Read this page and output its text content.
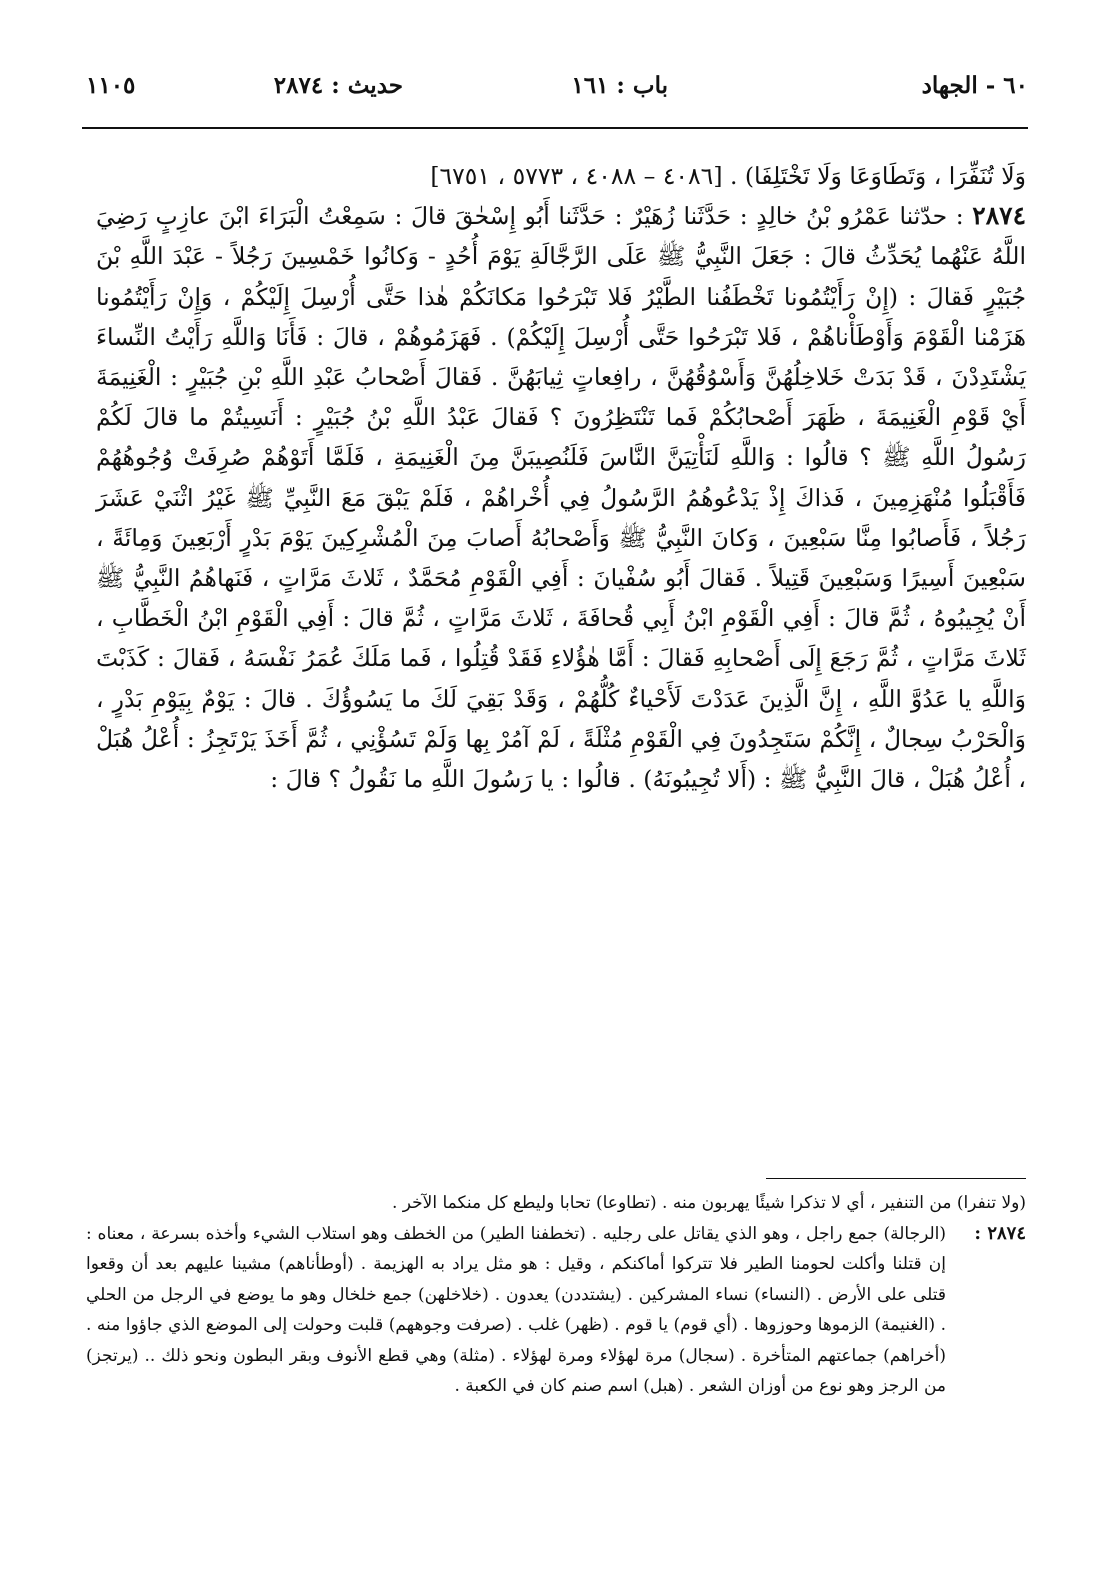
٦٠ - الجهاد
باب : ١٦١
حديث : ٢٨٧٤
١١٠٥

وَلَا تُنَفِّرَا ، وَتَطَاوَعَا وَلَا تَخْتَلِفَا) . [٤٠٨٦ – ٤٠٨٨ ، ٥٧٧٣ ، ٦٧٥١]

٢٨٧٤ : حدّثنا عَمْرُو بْنُ خالِدٍ : حَدَّثَنا زُهَيْرٌ : حَدَّثَنا أَبُو إِسْحٰقَ قالَ : سَمِعْتُ الْبَرَاءَ ابْنَ عازِبٍ رَضِيَ اللَّهُ عَنْهُما يُحَدِّثُ قالَ : جَعَلَ النَّبِيُّ ﷺ عَلَى الرَّجَّالَةِ يَوْمَ أُحُدٍ - وَكانُوا خَمْسِينَ رَجُلاً - عَبْدَ اللَّهِ بْنَ جُبَيْرٍ فَقالَ : (إِنْ رَأَيْتُمُونا تَخْطَفُنا الطَّيْرُ فَلا تَبْرَحُوا مَكانَكُمْ هٰذا حَتَّى أُرْسِلَ إِلَيْكُمْ ، وَإِنْ رَأَيْتُمُونا هَزَمْنا الْقَوْمَ وَأَوْطَأْناهُمْ ، فَلا تَبْرَحُوا حَتَّى أُرْسِلَ إِلَيْكُمْ) . فَهَزَمُوهُمْ ، قالَ : فَأَنَا وَاللَّهِ رَأَيْتُ النِّساءَ يَشْتَدِدْنَ ، قَدْ بَدَتْ خَلاخِلُهُنَّ وَأَسْوُقُهُنَّ ، رافِعاتٍ ثِيابَهُنَّ . فَقالَ أَصْحابُ عَبْدِ اللَّهِ بْنِ جُبَيْرٍ : الْغَنِيمَةَ أَيْ قَوْمِ الْغَنِيمَةَ ، ظَهَرَ أَصْحابُكُمْ فَما تَنْتَظِرُونَ ؟ فَقالَ عَبْدُ اللَّهِ بْنُ جُبَيْرٍ : أَنَسِيتُمْ ما قالَ لَكُمْ رَسُولُ اللَّهِ ﷺ ؟ قالُوا : وَاللَّهِ لَنَأْتِيَنَّ النَّاسَ فَلَنُصِيبَنَّ مِنَ الْغَنِيمَةِ ، فَلَمَّا أَتَوْهُمْ صُرِفَتْ وُجُوهُهُمْ فَأَقْبَلُوا مُنْهَزِمِينَ ، فَذاكَ إِذْ يَدْعُوهُمُ الرَّسُولُ فِي أُخْراهُمْ ، فَلَمْ يَبْقَ مَعَ النَّبِيِّ ﷺ غَيْرُ اثْنَيْ عَشَرَ رَجُلاً ، فَأَصابُوا مِنَّا سَبْعِينَ ، وَكانَ النَّبِيُّ ﷺ وَأَصْحابُهُ أَصابَ مِنَ الْمُشْرِكِينَ يَوْمَ بَدْرٍ أَرْبَعِينَ وَمِائَةً ، سَبْعِينَ أَسِيرًا وَسَبْعِينَ قَتِيلاً . فَقالَ أَبُو سُفْيانَ : أَفِي الْقَوْمِ مُحَمَّدٌ ، ثَلاثَ مَرَّاتٍ ، فَنَهاهُمُ النَّبِيُّ ﷺ أَنْ يُجِيبُوهُ ، ثُمَّ قالَ : أَفِي الْقَوْمِ ابْنُ أَبِي قُحافَةَ ، ثَلاثَ مَرَّاتٍ ، ثُمَّ قالَ : أَفِي الْقَوْمِ ابْنُ الْخَطَّابِ ، ثَلاثَ مَرَّاتٍ ، ثُمَّ رَجَعَ إِلَى أَصْحابِهِ فَقالَ : أَمَّا هٰؤُلاءِ فَقَدْ قُتِلُوا ، فَما مَلَكَ عُمَرُ نَفْسَهُ ، فَقالَ : كَذَبْتَ وَاللَّهِ يا عَدُوَّ اللَّهِ ، إِنَّ الَّذِينَ عَدَدْتَ لَأَحْياءٌ كُلُّهُمْ ، وَقَدْ بَقِيَ لَكَ ما يَسُوؤُكَ . قالَ : يَوْمٌ بِيَوْمِ بَدْرٍ ، وَالْحَرْبُ سِجالٌ ، إِنَّكُمْ سَتَجِدُونَ فِي الْقَوْمِ مُثْلَةً ، لَمْ آمُرْ بِها وَلَمْ تَسُؤْنِي ، ثُمَّ أَخَذَ يَرْتَجِزُ : أُعْلُ هُبَلْ ، أُعْلُ هُبَلْ ، قالَ النَّبِيُّ ﷺ : (أَلا تُجِيبُونَهُ) . قالُوا : يا رَسُولَ اللَّهِ ما نَقُولُ ؟ قالَ :

(ولا تنفرا) من التنفير ، أي لا تذكرا شيئًا يهربون منه . (تطاوعا) تحابا وليطع كل منكما الآخر .

٢٨٧٤ :
(الرجالة) جمع راجل ، وهو الذي يقاتل على رجليه . (تخطفنا الطير) من الخطف وهو استلاب الشيء وأخذه بسرعة ، معناه : إن قتلنا وأكلت لحومنا الطير فلا تتركوا أماكنكم ، وقيل : هو مثل يراد به الهزيمة . (أوطأناهم) مشينا عليهم بعد أن وقعوا قتلى على الأرض . (النساء) نساء المشركين . (يشتددن) يعدون . (خلاخلهن) جمع خلخال وهو ما يوضع في الرجل من الحلي . (الغنيمة) الزموها وحوزوها . (أي قوم) يا قوم . (ظهر) غلب . (صرفت وجوههم) قلبت وحولت إلى الموضع الذي جاؤوا منه . (أخراهم) جماعتهم المتأخرة . (سجال) مرة لهؤلاء ومرة لهؤلاء . (مثلة) وهي قطع الأنوف وبقر البطون ونحو ذلك .. (يرتجز) من الرجز وهو نوع من أوزان الشعر . (هبل) اسم صنم كان في الكعبة .
